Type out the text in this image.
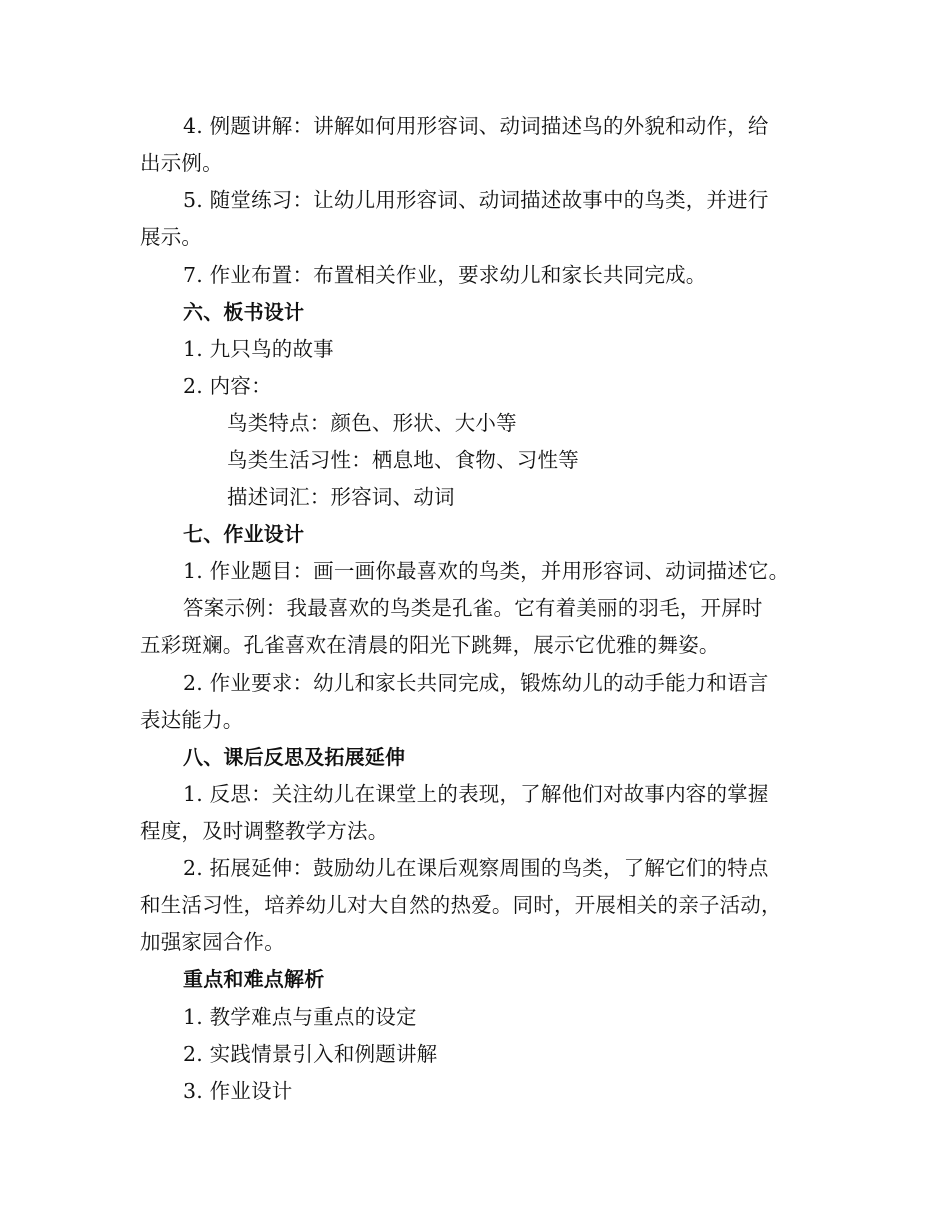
4. 例题讲解：讲解如何用形容词、动词描述鸟的外貌和动作，给
出示例。
5. 随堂练习：让幼儿用形容词、动词描述故事中的鸟类，并进行
展示。
7. 作业布置：布置相关作业，要求幼儿和家长共同完成。
六、板书设计
1. 九只鸟的故事
2. 内容：
鸟类特点：颜色、形状、大小等
鸟类生活习性：栖息地、食物、习性等
描述词汇：形容词、动词
七、作业设计
1. 作业题目：画一画你最喜欢的鸟类，并用形容词、动词描述它。
答案示例：我最喜欢的鸟类是孔雀。它有着美丽的羽毛，开屏时
五彩斑斓。孔雀喜欢在清晨的阳光下跳舞，展示它优雅的舞姿。
2. 作业要求：幼儿和家长共同完成，锻炼幼儿的动手能力和语言
表达能力。
八、课后反思及拓展延伸
1. 反思：关注幼儿在课堂上的表现，了解他们对故事内容的掌握
程度，及时调整教学方法。
2. 拓展延伸：鼓励幼儿在课后观察周围的鸟类，了解它们的特点
和生活习性，培养幼儿对大自然的热爱。同时，开展相关的亲子活动，
加强家园合作。
重点和难点解析
1. 教学难点与重点的设定
2. 实践情景引入和例题讲解
3. 作业设计
